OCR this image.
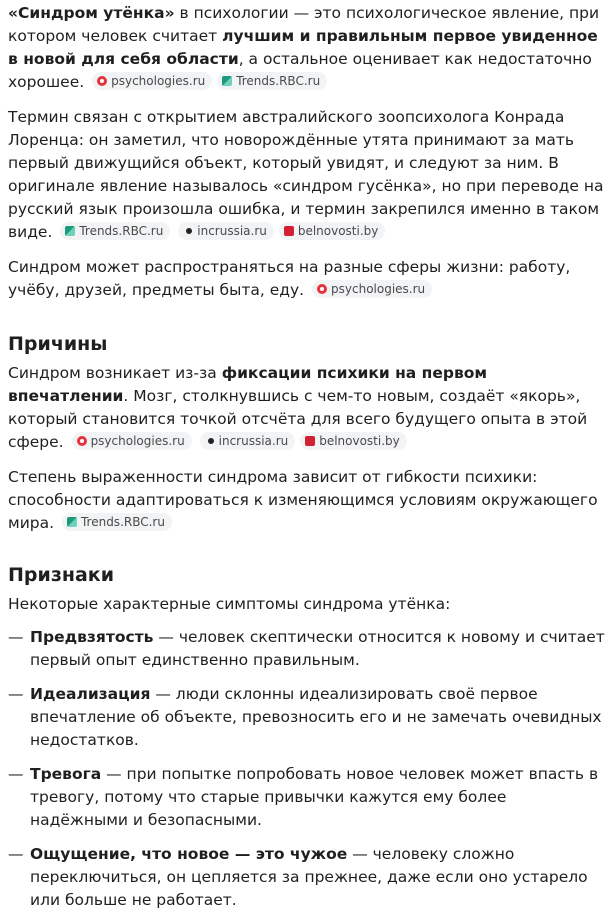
«Синдром утёнка» в психологии — это психологическое явление, при котором человек считает лучшим и правильным первое увиденное в новой для себя области, а остальное оценивает как недостаточно хорошее. psychologies.ru	Trends.RBC.ru

Термин связан с открытием австралийского зоопсихолога Конрада Лоренца: он заметил, что новорождённые утята принимают за мать первый движущийся объект, который увидят, и следуют за ним. В оригинале явление называлось «синдром гусёнка», но при переводе на русский язык произошла ошибка, и термин закрепился именно в таком виде. Trends.RBC.ru	incrussia.ru	belnovosti.by

Синдром может распространяться на разные сферы жизни: работу, учёбу, друзей, предметы быта, еду. psychologies.ru

Причины

Синдром возникает из-за фиксации психики на первом впечатлении. Мозг, столкнувшись с чем-то новым, создаёт «якорь», который становится точкой отсчёта для всего будущего опыта в этой сфере. psychologies.ru	incrussia.ru	belnovosti.by

Степень выраженности синдрома зависит от гибкости психики: способности адаптироваться к изменяющимся условиям окружающего мира. Trends.RBC.ru

Признаки

Некоторые характерные симптомы синдрома утёнка:

— Предвзятость — человек скептически относится к новому и считает первый опыт единственно правильным.
— Идеализация — люди склонны идеализировать своё первое впечатление об объекте, превозносить его и не замечать очевидных недостатков.
— Тревога — при попытке попробовать новое человек может впасть в тревогу, потому что старые привычки кажутся ему более надёжными и безопасными.
— Ощущение, что новое — это чужое — человеку сложно переключиться, он цепляется за прежнее, даже если оно устарело или больше не работает.
